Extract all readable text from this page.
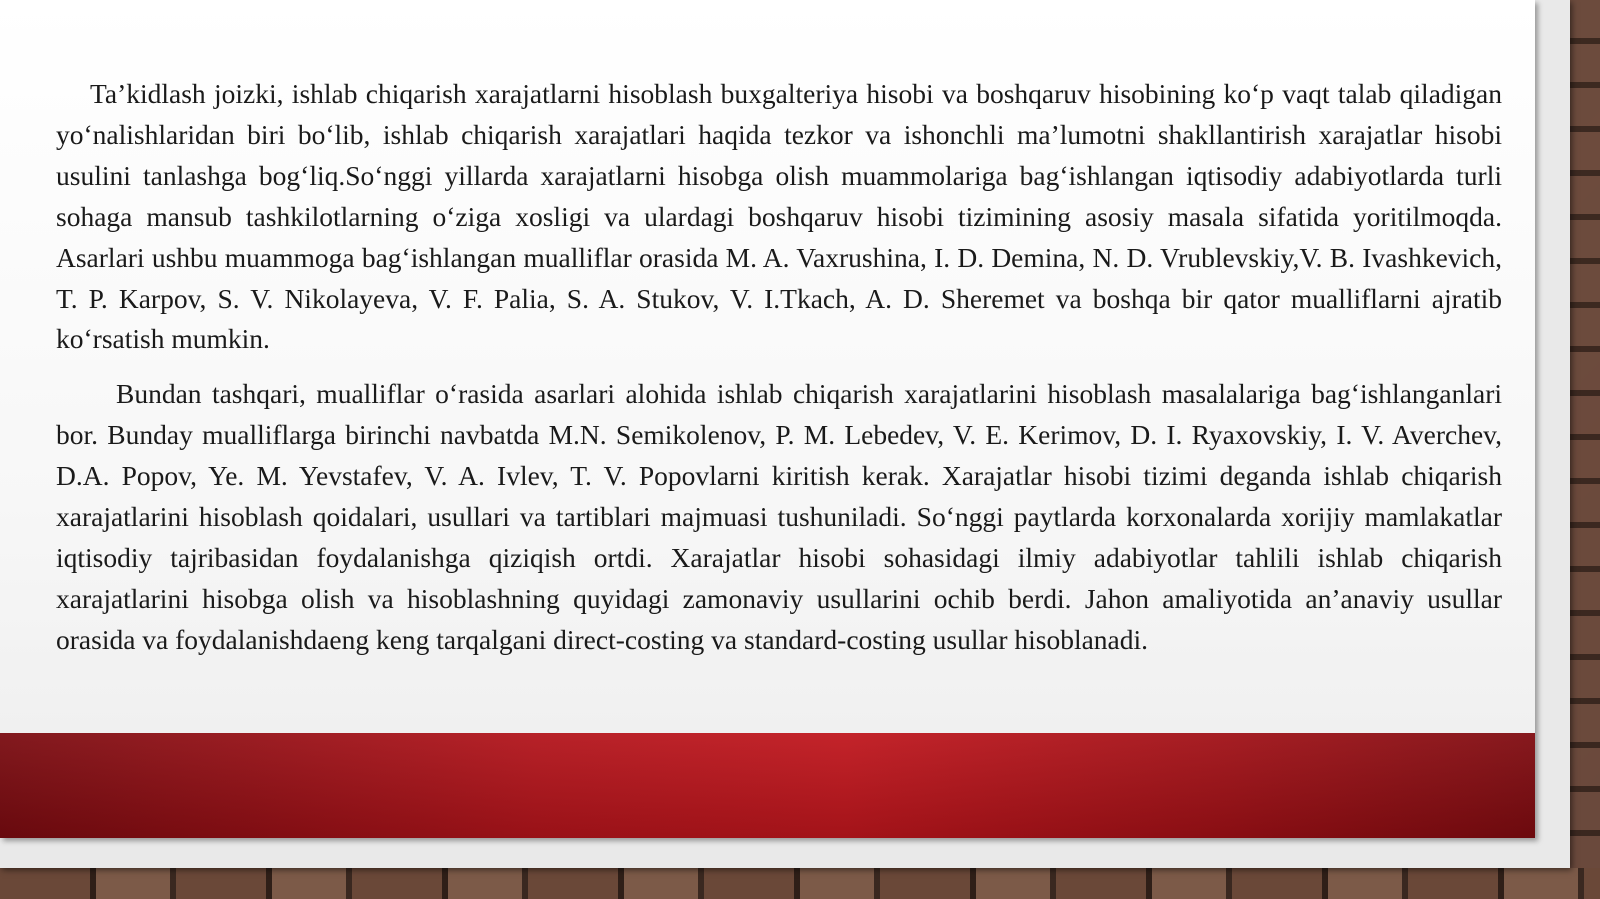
Ta’kidlash joizki, ishlab chiqarish xarajatlarni hisoblash buxgalteriya hisobi va boshqaruv hisobining ko‘p vaqt talab qiladigan yo‘nalishlaridan biri bo‘lib, ishlab chiqarish xarajatlari haqida tezkor va ishonchli ma’lumotni shakllantirish xarajatlar hisobi usulini tanlashga bog‘liq.So‘nggi yillarda xarajatlarni hisobga olish muammolariga bag‘ishlangan iqtisodiy adabiyotlarda turli sohaga mansub tashkilotlarning o‘ziga xosligi va ulardagi boshqaruv hisobi tizimining asosiy masala sifatida yoritilmoqda. Asarlari ushbu muammoga bag‘ishlangan mualliflar orasida M. A. Vaxrushina, I. D. Demina, N. D. Vrublevskiy,V. B. Ivashkevich, T. P. Karpov, S. V. Nikolayeva, V. F. Palia, S. A. Stukov, V. I.Tkach, A. D. Sheremet va boshqa bir qator mualliflarni ajratib ko‘rsatish mumkin.

Bundan tashqari, mualliflar o‘rasida asarlari alohida ishlab chiqarish xarajatlarini hisoblash masalalariga bag‘ishlanganlari bor. Bunday mualliflarga birinchi navbatda M.N. Semikolenov, P. M. Lebedev, V. E. Kerimov, D. I. Ryaxovskiy, I. V. Averchev, D.A. Popov, Ye. M. Yevstafev, V. A. Ivlev, T. V. Popovlarni kiritish kerak. Xarajatlar hisobi tizimi deganda ishlab chiqarish xarajatlarini hisoblash qoidalari, usullari va tartiblari majmuasi tushuniladi. So‘nggi paytlarda korxonalarda xorijiy mamlakatlar iqtisodiy tajribasidan foydalanishga qiziqish ortdi. Xarajatlar hisobi sohasidagi ilmiy adabiyotlar tahlili ishlab chiqarish xarajatlarini hisobga olish va hisoblashning quyidagi zamonaviy usullarini ochib berdi. Jahon amaliyotida an’anaviy usullar orasida va foydalanishdaeng keng tarqalgani direct-costing va standard-costing usullar hisoblanadi.
